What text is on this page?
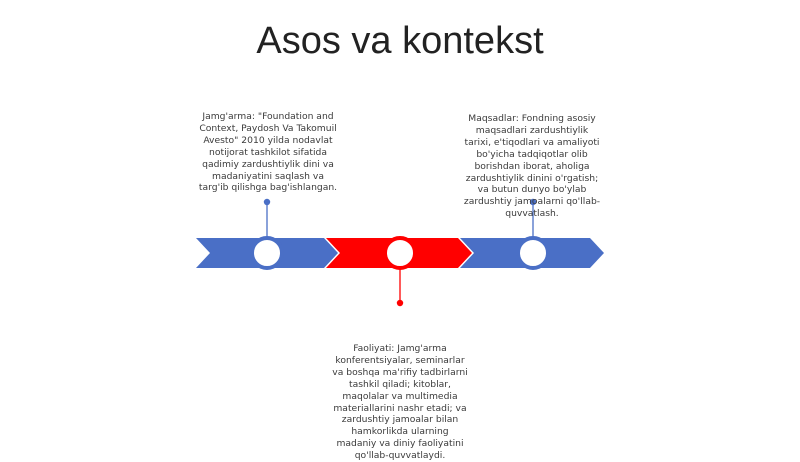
Asos va kontekst
Jamg'arma: "Foundation and Context, Paydosh Va Takomuil Avesto" 2010 yilda nodavlat notijorat tashkilot sifatida qadimiy zardushtiylik dini va madaniyatini saqlash va targ'ib qilishga bag'ishlangan.
Maqsadlar: Fondning asosiy maqsadlari zardushtiylik tarixi, e'tiqodlari va amaliyoti bo'yicha tadqiqotlar olib borishdan iborat, aholiga zardushtiylik dinini o'rgatish; va butun dunyo bo'ylab zardushtiy jamoalarni qo'llab-quvvatlash.
Faoliyati: Jamg'arma konferentsiyalar, seminarlar va boshqa ma'rifiy tadbirlarni tashkil qiladi; kitoblar, maqolalar va multimedia materiallarini nashr etadi; va zardushtiy jamoalar bilan hamkorlikda ularning madaniy va diniy faoliyatini qo'llab-quvvatlaydi.
